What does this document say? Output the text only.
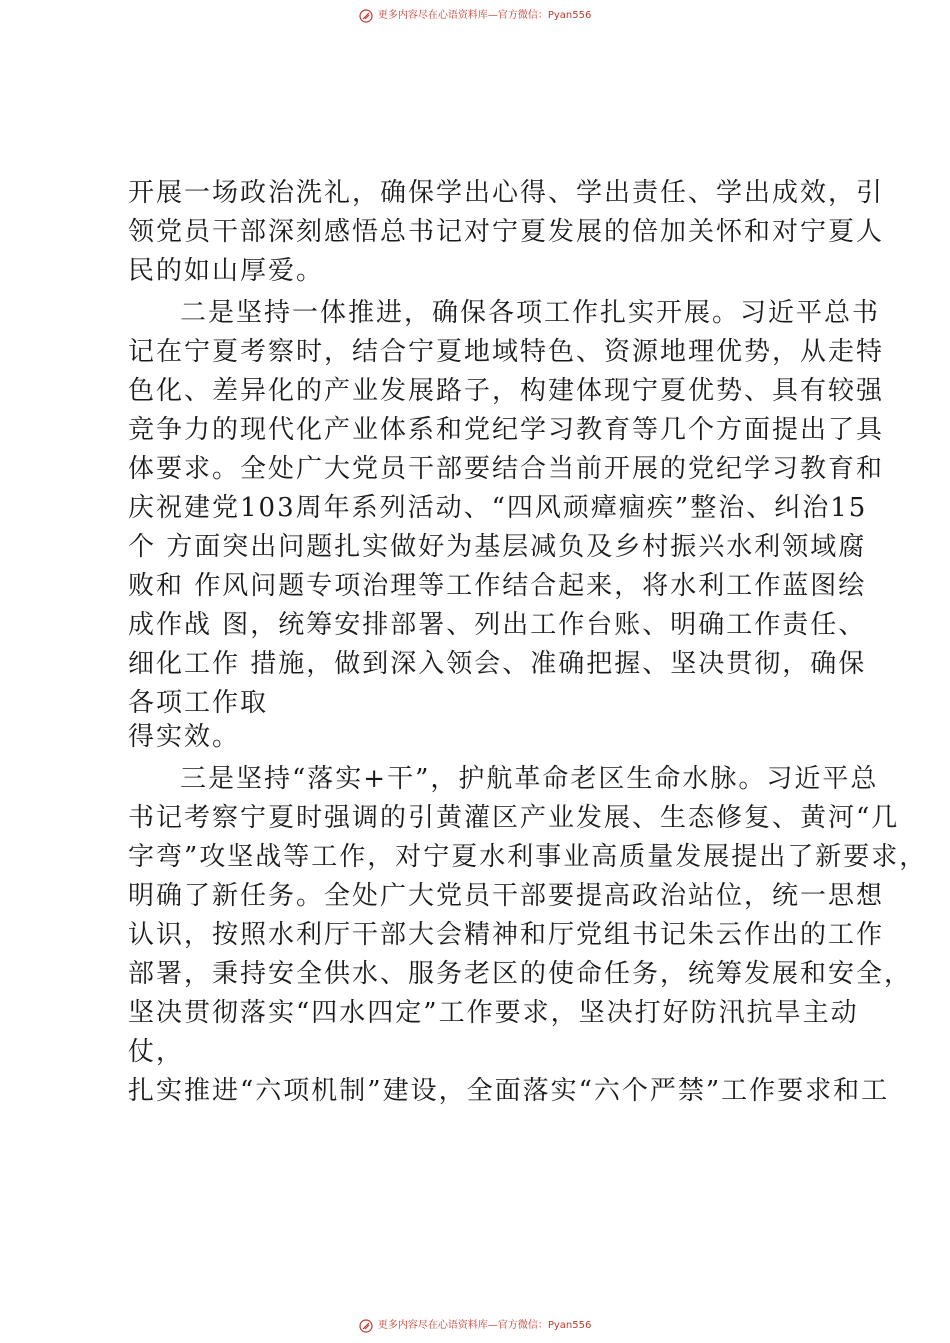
更多内容尽在心语资料库—官方微信：Pyan556
开展一场政治洗礼，确保学出心得、学出责任、学出成效，引
领党员干部深刻感悟总书记对宁夏发展的倍加关怀和对宁夏人
民的如山厚爱。
二是坚持一体推进，确保各项工作扎实开展。习近平总书
记在宁夏考察时，结合宁夏地域特色、资源地理优势，从走特
色化、差异化的产业发展路子，构建体现宁夏优势、具有较强
竞争力的现代化产业体系和党纪学习教育等几个方面提出了具
体要求。全处广大党员干部要结合当前开展的党纪学习教育和
庆祝建党103周年系列活动、“四风顽瘴痼疾”整治、纠治15
个 方面突出问题扎实做好为基层减负及乡村振兴水利领域腐
败和 作风问题专项治理等工作结合起来，将水利工作蓝图绘
成作战 图，统筹安排部署、列出工作台账、明确工作责任、
细化工作 措施，做到深入领会、准确把握、坚决贯彻，确保
各项工作取
得实效。
三是坚持“落实+干”，护航革命老区生命水脉。习近平总
书记考察宁夏时强调的引黄灌区产业发展、生态修复、黄河“几
字弯”攻坚战等工作，对宁夏水利事业高质量发展提出了新要求，
明确了新任务。全处广大党员干部要提高政治站位，统一思想
认识，按照水利厅干部大会精神和厅党组书记朱云作出的工作
部署，秉持安全供水、服务老区的使命任务，统筹发展和安全，
坚决贯彻落实“四水四定”工作要求，坚决打好防汛抗旱主动
仗，
扎实推进“六项机制”建设，全面落实“六个严禁”工作要求和工
更多内容尽在心语资料库—官方微信：Pyan556
